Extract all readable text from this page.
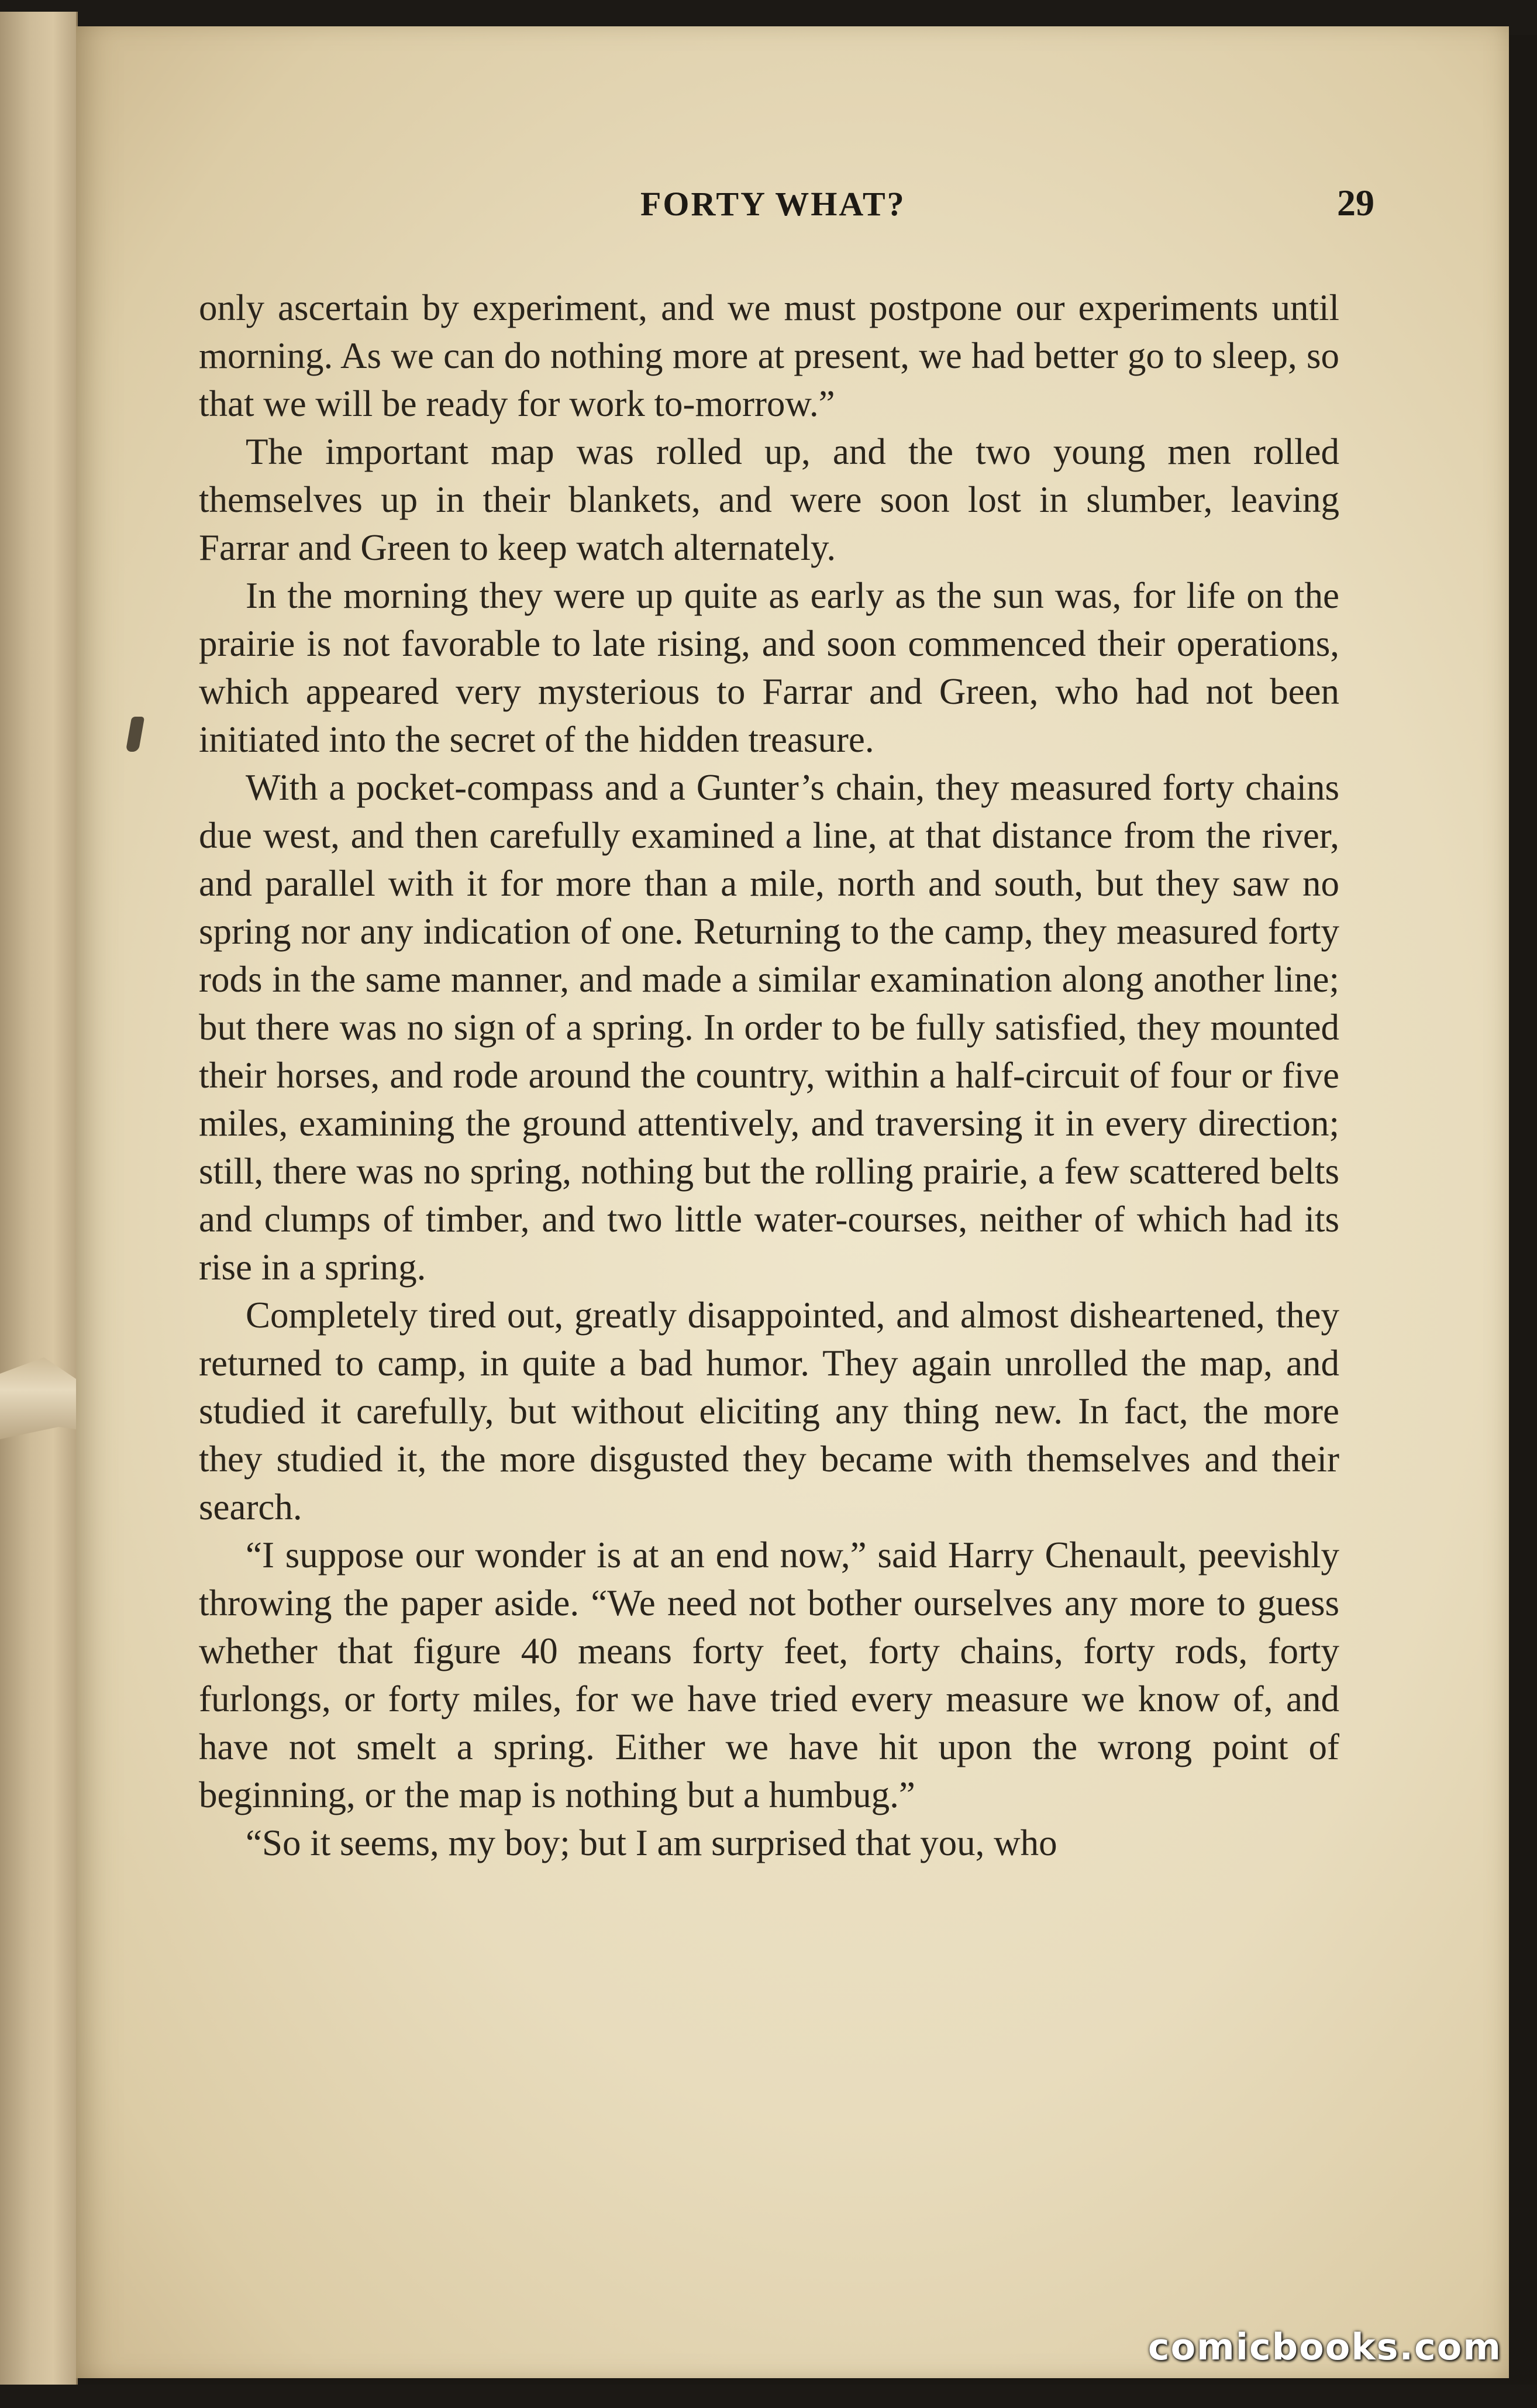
FORTY WHAT?	29

only ascertain by experiment, and we must postpone our experiments until morning. As we can do nothing more at present, we had better go to sleep, so that we will be ready for work to-morrow.”

The important map was rolled up, and the two young men rolled themselves up in their blankets, and were soon lost in slumber, leaving Farrar and Green to keep watch alternately.

In the morning they were up quite as early as the sun was, for life on the prairie is not favorable to late rising, and soon commenced their operations, which appeared very mysterious to Farrar and Green, who had not been initiated into the secret of the hidden treasure.

With a pocket-compass and a Gunter’s chain, they measured forty chains due west, and then carefully examined a line, at that distance from the river, and parallel with it for more than a mile, north and south, but they saw no spring nor any indication of one. Returning to the camp, they measured forty rods in the same manner, and made a similar examination along another line; but there was no sign of a spring. In order to be fully satisfied, they mounted their horses, and rode around the country, within a half-circuit of four or five miles, examining the ground attentively, and traversing it in every direction; still, there was no spring, nothing but the rolling prairie, a few scattered belts and clumps of timber, and two little water-courses, neither of which had its rise in a spring.

Completely tired out, greatly disappointed, and almost disheartened, they returned to camp, in quite a bad humor. They again unrolled the map, and studied it carefully, but without eliciting any thing new. In fact, the more they studied it, the more disgusted they became with themselves and their search.

“I suppose our wonder is at an end now,” said Harry Chenault, peevishly throwing the paper aside. “We need not bother ourselves any more to guess whether that figure 40 means forty feet, forty chains, forty rods, forty furlongs, or forty miles, for we have tried every measure we know of, and have not smelt a spring. Either we have hit upon the wrong point of beginning, or the map is nothing but a humbug.”

“So it seems, my boy; but I am surprised that you, who

comicbooks.com
